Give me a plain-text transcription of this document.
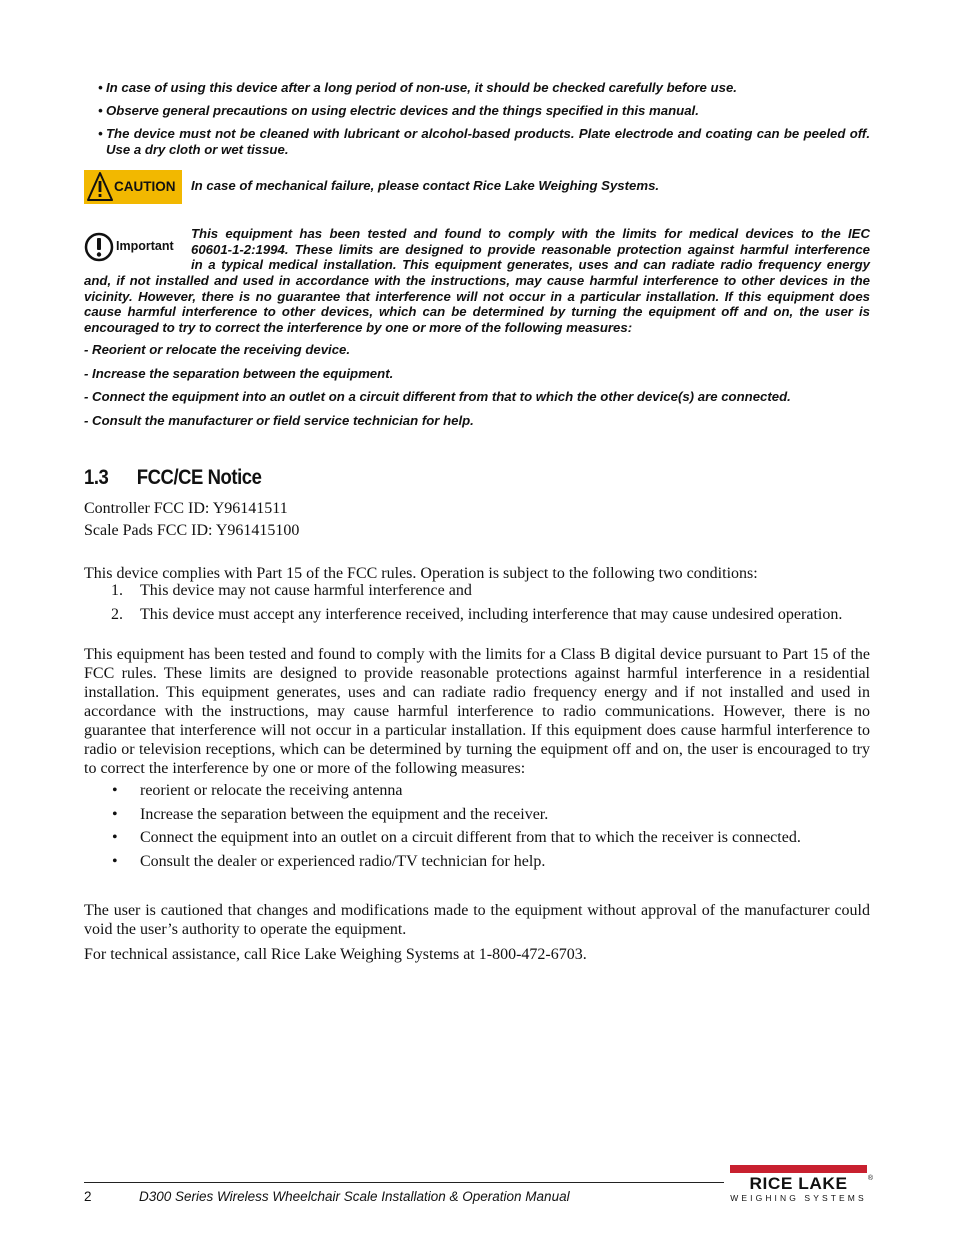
• In case of using this device after a long period of non-use, it should be checked carefully before use.
• Observe general precautions on using electric devices and the things specified in this manual.
• The device must not be cleaned with lubricant or alcohol-based products. Plate electrode and coating can be peeled off. Use a dry cloth or wet tissue.
CAUTION In case of mechanical failure, please contact Rice Lake Weighing Systems.
Important
This equipment has been tested and found to comply with the limits for medical devices to the IEC
60601-1-2:1994. These limits are designed to provide reasonable protection against harmful interference
in a typical medical installation. This equipment generates, uses and can radiate radio frequency energy
and, if not installed and used in accordance with the instructions, may cause harmful interference to other devices in the
vicinity. However, there is no guarantee that interference will not occur in a particular installation. If this equipment does
cause harmful interference to other devices, which can be determined by turning the equipment off and on, the user is
encouraged to try to correct the interference by one or more of the following measures:
- Reorient or relocate the receiving device.
- Increase the separation between the equipment.
- Connect the equipment into an outlet on a circuit different from that to which the other device(s) are connected.
- Consult the manufacturer or field service technician for help.
1.3 FCC/CE Notice
Controller FCC ID: Y96141511
Scale Pads FCC ID: Y961415100
This device complies with Part 15 of the FCC rules. Operation is subject to the following two conditions:
1. This device may not cause harmful interference and
2. This device must accept any interference received, including interference that may cause undesired operation.
This equipment has been tested and found to comply with the limits for a Class B digital device pursuant to Part 15 of the FCC rules. These limits are designed to provide reasonable protections against harmful interference in a residential installation. This equipment generates, uses and can radiate radio frequency energy and if not installed and used in accordance with the instructions, may cause harmful interference to radio communications. However, there is no guarantee that interference will not occur in a particular installation. If this equipment does cause harmful interference to radio or television receptions, which can be determined by turning the equipment off and on, the user is encouraged to try to correct the interference by one or more of the following measures:
• reorient or relocate the receiving antenna
• Increase the separation between the equipment and the receiver.
• Connect the equipment into an outlet on a circuit different from that to which the receiver is connected.
• Consult the dealer or experienced radio/TV technician for help.
The user is cautioned that changes and modifications made to the equipment without approval of the manufacturer could void the user’s authority to operate the equipment.
For technical assistance, call Rice Lake Weighing Systems at 1-800-472-6703.
2	D300 Series Wireless Wheelchair Scale Installation & Operation Manual
RICE LAKE	®
WEIGHING SYSTEMS
